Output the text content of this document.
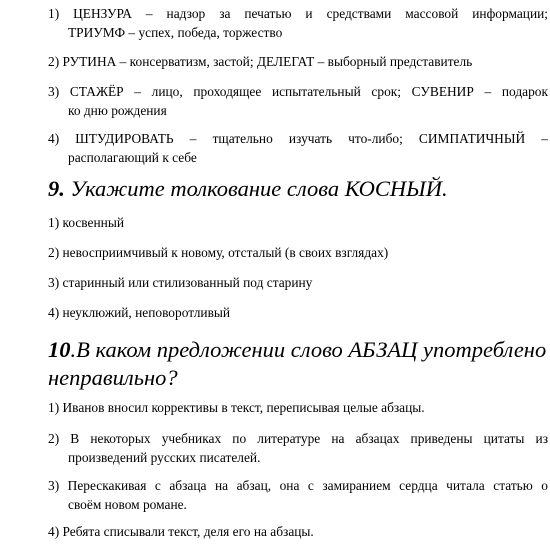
1) ЦЕНЗУРА – надзор за печатью и средствами массовой информации;
ТРИУМФ – успех, победа, торжество
2) РУТИНА – консерватизм, застой; ДЕЛЕГАТ – выборный представитель
3) СТАЖЁР – лицо, проходящее испытательный срок; СУВЕНИР – подарок
ко дню рождения
4) ШТУДИРОВАТЬ – тщательно изучать что-либо; СИМПАТИЧНЫЙ –
располагающий к себе
9. Укажите толкование слова КОСНЫЙ.
1) косвенный
2) невосприимчивый к новому, отсталый (в своих взглядах)
3) старинный или стилизованный под старину
4) неуклюжий, неповоротливый
10.В каком предложении слово АБЗАЦ употреблено
неправильно?
1) Иванов вносил коррективы в текст, переписывая целые абзацы.
2) В некоторых учебниках по литературе на абзацах приведены цитаты из
произведений русских писателей.
3) Перескакивая с абзаца на абзац, она с замиранием сердца читала статью о
своём новом романе.
4) Ребята списывали текст, деля его на абзацы.
